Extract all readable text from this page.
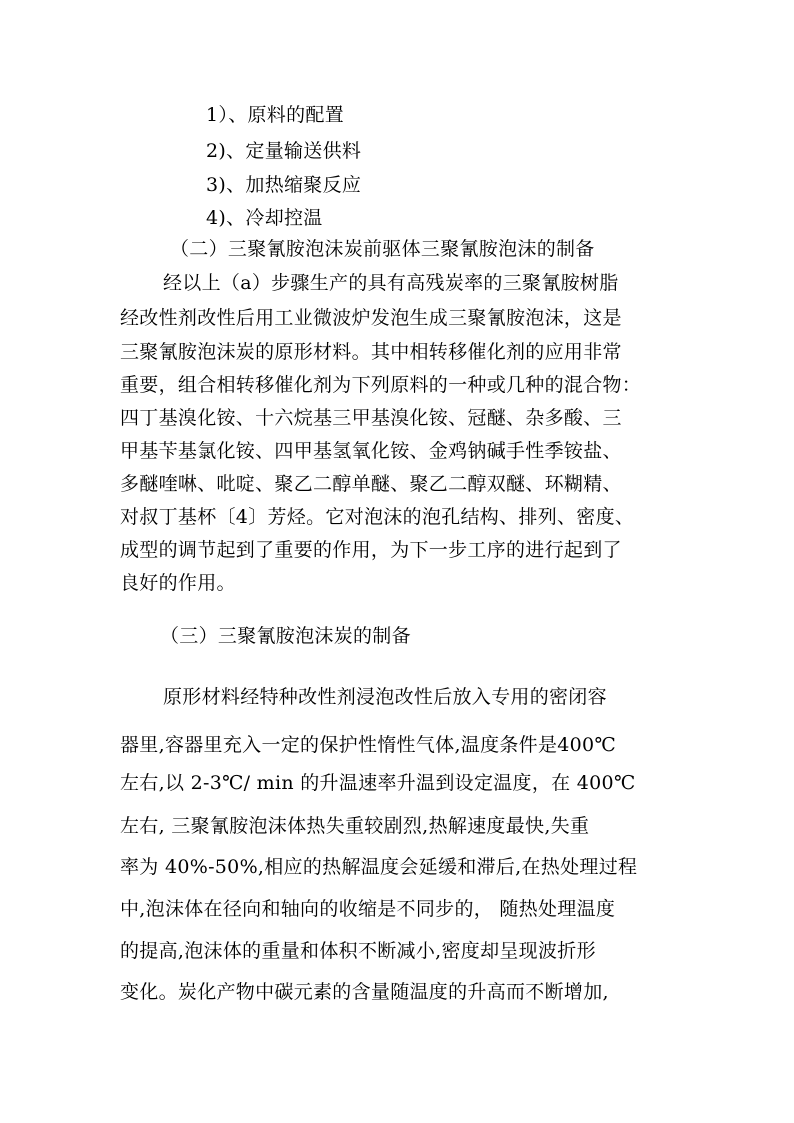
1）、原料的配置
2)、定量输送供料
3)、加热缩聚反应
4)、冷却控温
（二）三聚氰胺泡沫炭前驱体三聚氰胺泡沫的制备
经以上（a）步骤生产的具有高残炭率的三聚氰胺树脂
经改性剂改性后用工业微波炉发泡生成三聚氰胺泡沫，这是
三聚氰胺泡沫炭的原形材料。其中相转移催化剂的应用非常
重要，组合相转移催化剂为下列原料的一种或几种的混合物：
四丁基溴化铵、十六烷基三甲基溴化铵、冠醚、杂多酸、三
甲基苄基氯化铵、四甲基氢氧化铵、金鸡钠碱手性季铵盐、
多醚喹啉、吡啶、聚乙二醇单醚、聚乙二醇双醚、环糊精、
对叔丁基杯〔4〕芳烃。它对泡沫的泡孔结构、排列、密度、
成型的调节起到了重要的作用，为下一步工序的进行起到了
良好的作用。
（三）三聚氰胺泡沫炭的制备
原形材料经特种改性剂浸泡改性后放入专用的密闭容
器里,容器里充入一定的保护性惰性气体,温度条件是400℃
左右,以 2-3℃/ min 的升温速率升温到设定温度，在 400℃
左右, 三聚氰胺泡沫体热失重较剧烈,热解速度最快,失重
率为 40%-50%,相应的热解温度会延缓和滞后,在热处理过程
中,泡沫体在径向和轴向的收缩是不同步的， 随热处理温度
的提高,泡沫体的重量和体积不断减小,密度却呈现波折形
变化。炭化产物中碳元素的含量随温度的升高而不断增加,
